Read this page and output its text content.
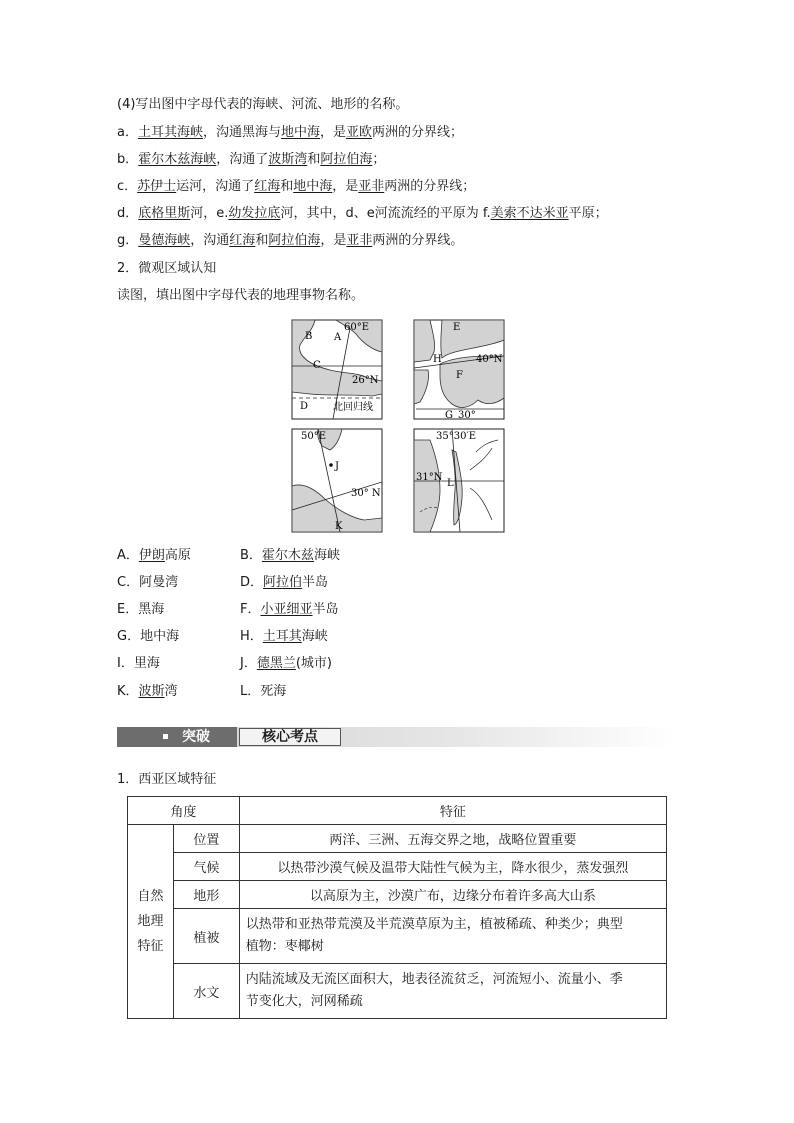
(4)写出图中字母代表的海峡、河流、地形的名称。
a．土耳其海峡，沟通黑海与地中海，是亚欧两洲的分界线；
b．霍尔木兹海峡，沟通了波斯湾和阿拉伯海；
c．苏伊士运河，沟通了红海和地中海，是亚非两洲的分界线；
d．底格里斯河，e.幼发拉底河，其中，d、e河流流经的平原为 f.美索不达米亚平原；
g．曼德海峡，沟通红海和阿拉伯海，是亚非两洲的分界线。
2．微观区域认知
读图，填出图中字母代表的地理事物名称。
60°E
26°N
北回归线
A
B
C
D
40°N
30°
E
F
G
H
50°E
30° N
J
K
35°30′E
31°N
L
A．伊朗高原	B．霍尔木兹海峡
C．阿曼湾	D．阿拉伯半岛
E．黑海	F．小亚细亚半岛
G．地中海	H．土耳其海峡
I．里海	J．德黑兰(城市)
K．波斯湾	L．死海
突破	核心考点
1．西亚区域特征
角度		特征

自然
地理
特征	位置	两洋、三洲、五海交界之地，战略位置重要
	气候	以热带沙漠气候及温带大陆性气候为主，降水很少，蒸发强烈
	地形	以高原为主，沙漠广布，边缘分布着许多高大山系
	植被	以热带和亚热带荒漠及半荒漠草原为主，植被稀疏、种类少；典型
植物：枣椰树

	水文	内陆流域及无流区面积大，地表径流贫乏，河流短小、流量小、季
节变化大，河网稀疏
